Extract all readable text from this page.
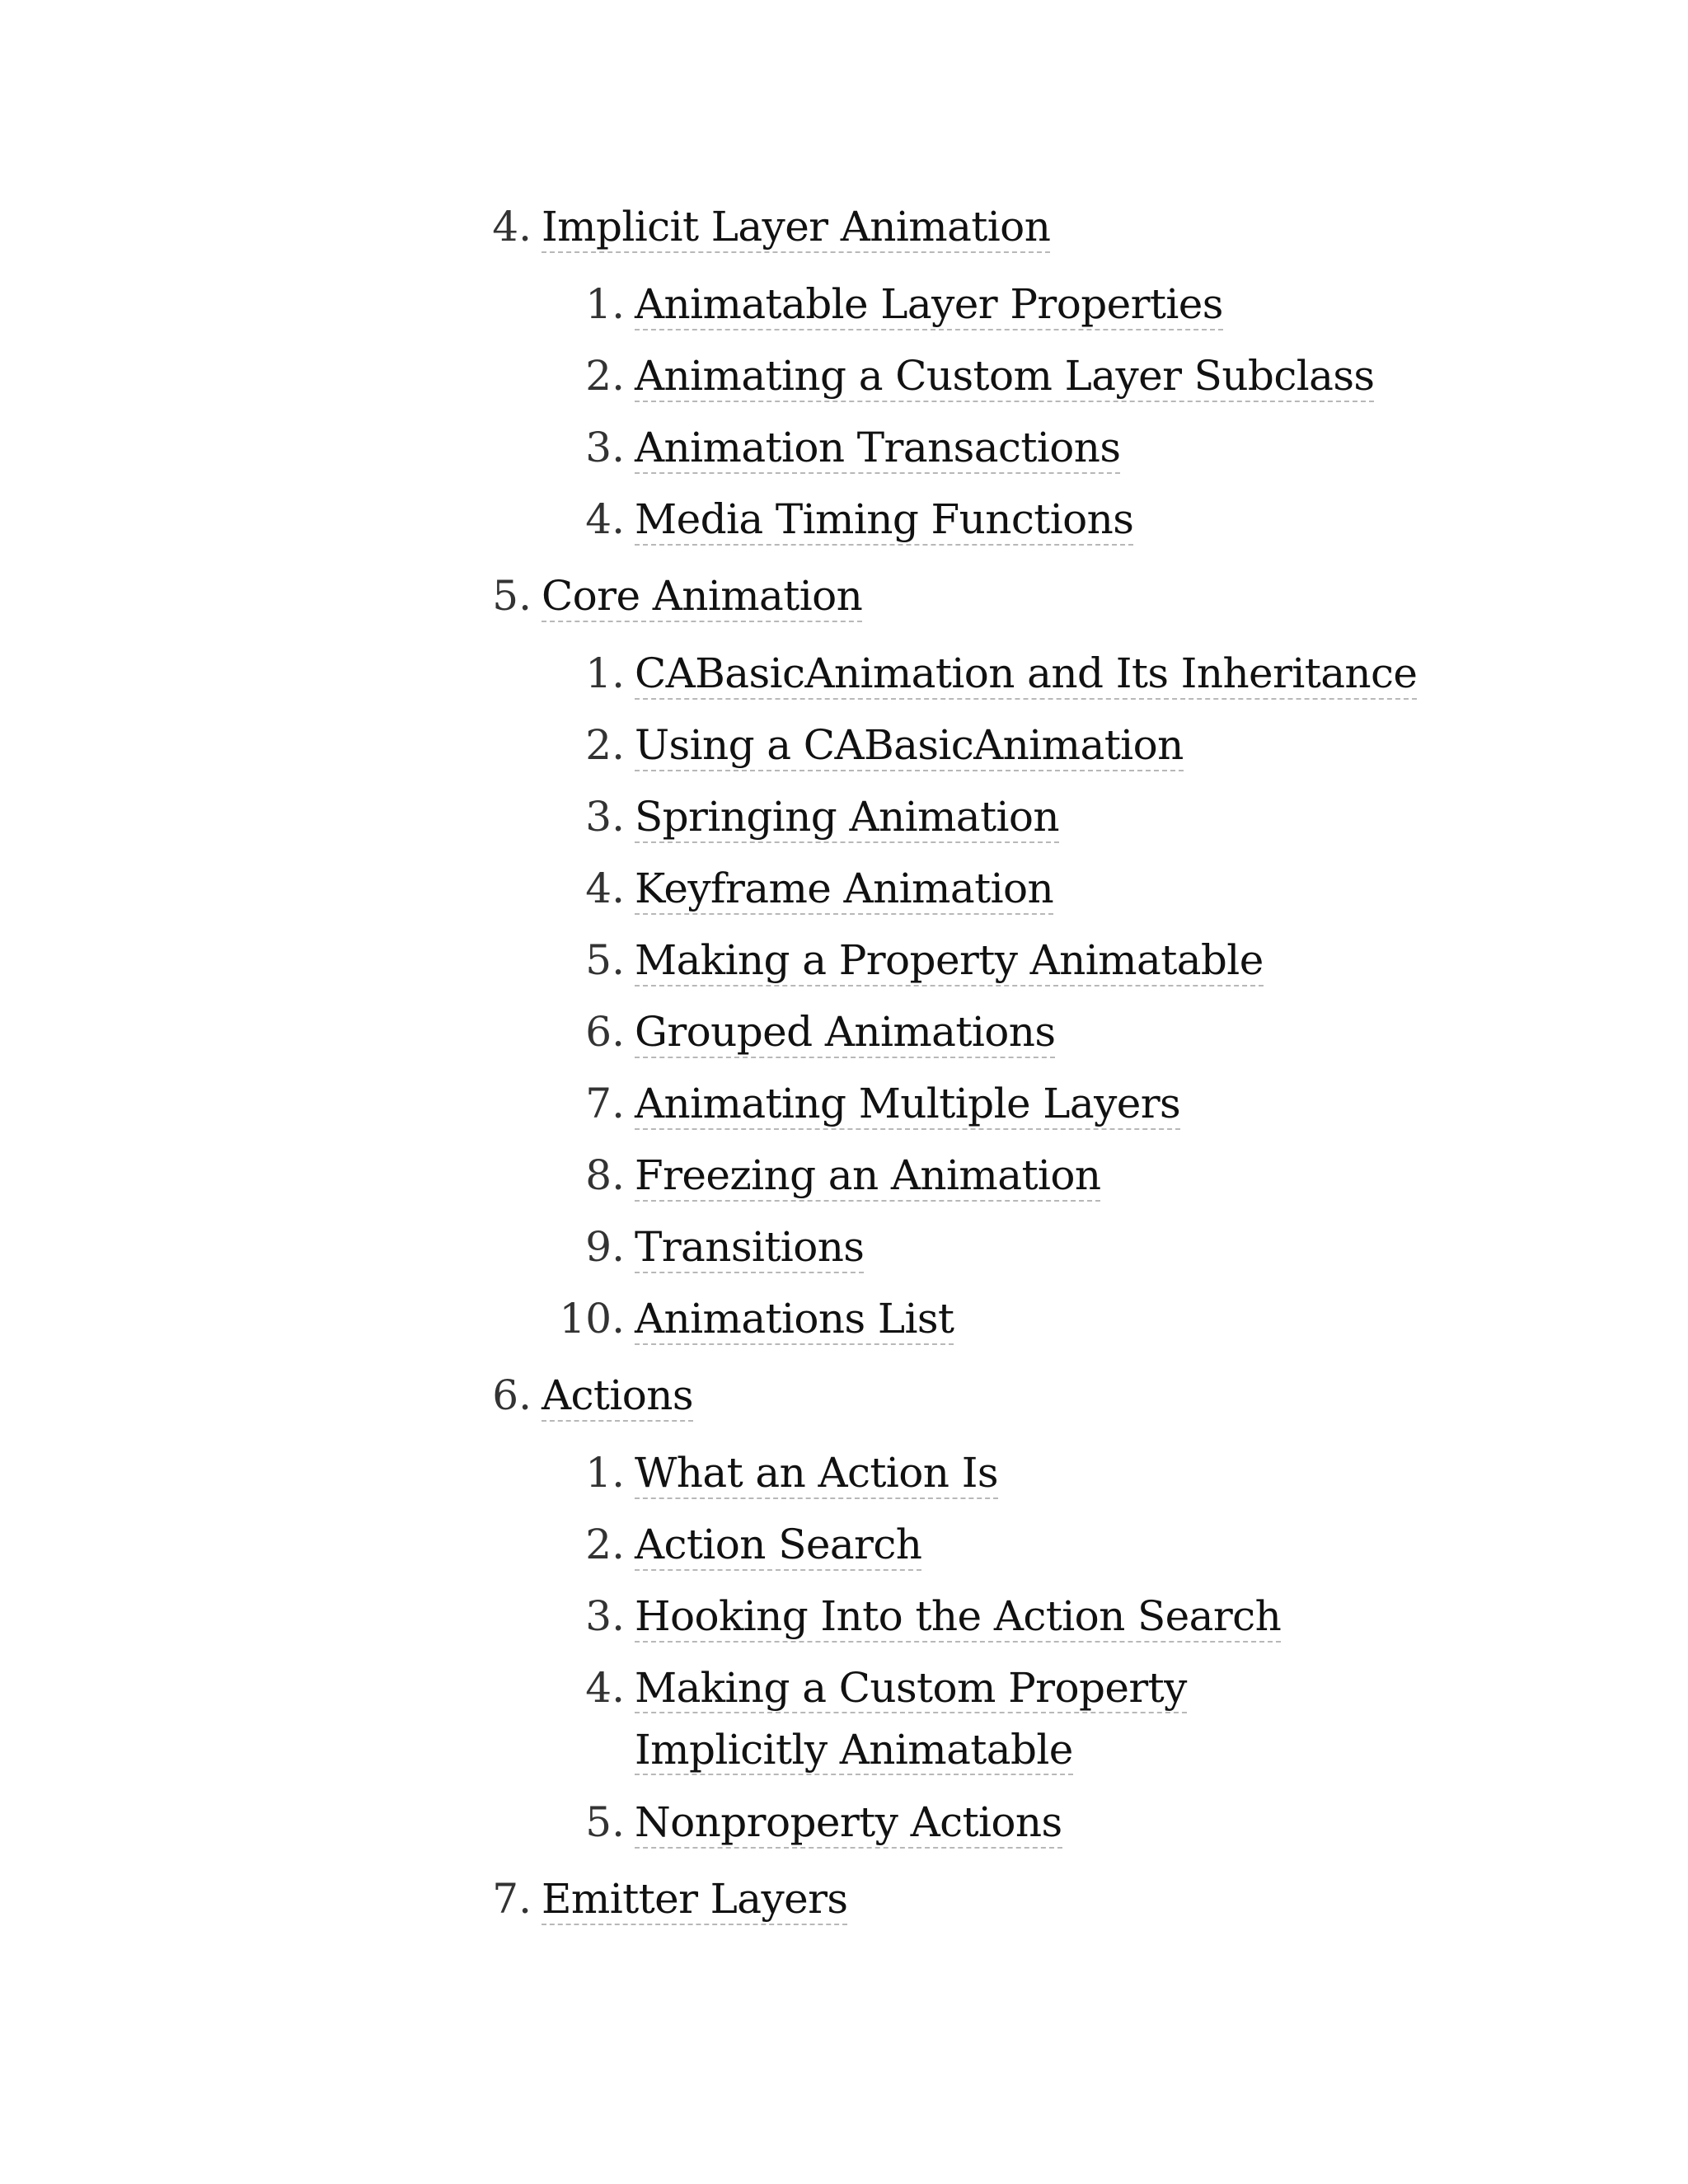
4. Implicit Layer Animation
1. Animatable Layer Properties
2. Animating a Custom Layer Subclass
3. Animation Transactions
4. Media Timing Functions
5. Core Animation
1. CABasicAnimation and Its Inheritance
2. Using a CABasicAnimation
3. Springing Animation
4. Keyframe Animation
5. Making a Property Animatable
6. Grouped Animations
7. Animating Multiple Layers
8. Freezing an Animation
9. Transitions
10. Animations List
6. Actions
1. What an Action Is
2. Action Search
3. Hooking Into the Action Search
4. Making a Custom Property Implicitly Animatable
5. Nonproperty Actions
7. Emitter Layers
